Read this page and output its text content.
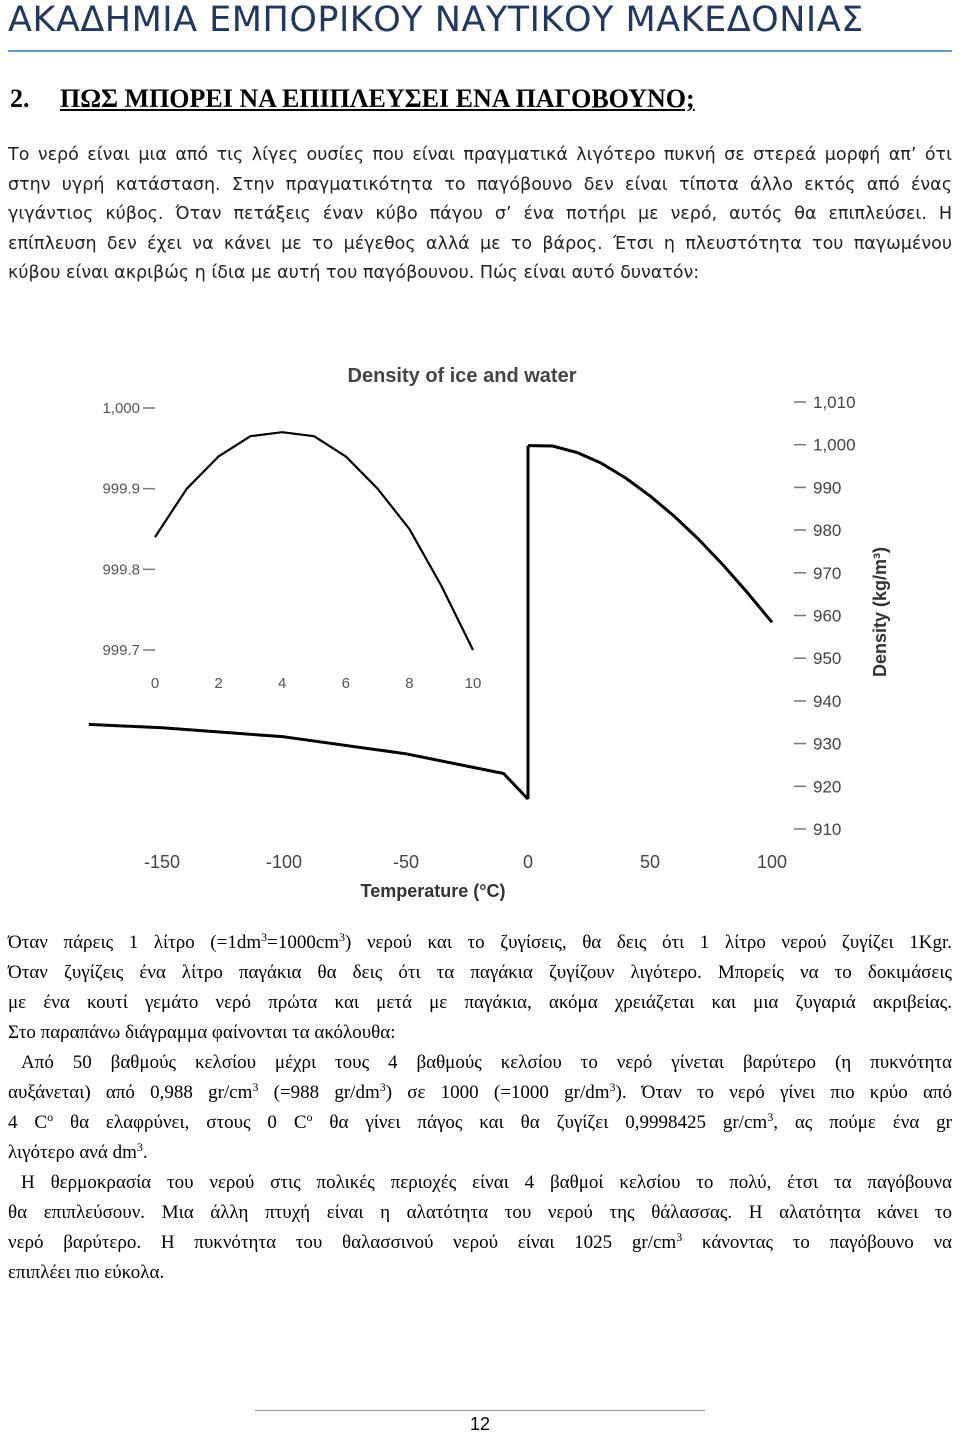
ΑΚΑΔΗΜΙΑ ΕΜΠΟΡΙΚΟΥ ΝΑΥΤΙΚΟΥ ΜΑΚΕΔΟΝΙΑΣ
2. ΠΩΣ ΜΠΟΡΕΙ ΝΑ ΕΠΙΠΛΕΥΣΕΙ ΕΝΑ ΠΑΓΟΒΟΥΝΟ;
Το νερό είναι μια από τις λίγες ουσίες που είναι πραγματικά λιγότερο πυκνή σε στερεά μορφή απ’ ότι
στην υγρή κατάσταση. Στην πραγματικότητα το παγόβουνο δεν είναι τίποτα άλλο εκτός από ένας
γιγάντιος κύβος. Όταν πετάξεις έναν κύβο πάγου σ’ ένα ποτήρι με νερό, αυτός θα επιπλεύσει. Η
επίπλευση δεν έχει να κάνει με το μέγεθος αλλά με το βάρος. Έτσι η πλευστότητα του παγωμένου
κύβου είναι ακριβώς η ίδια με αυτή του παγόβουνου. Πώς είναι αυτό δυνατόν:
Density of ice and water
1,010
1,000
990
980
970
960
950
940
930
920
910
-150	-100	-50	0	50	100
Temperature (°C)
Density (kg/m³)
1,000
999.9
999.8
999.7
0	2	4	6	8	10
Όταν πάρεις 1 λίτρο $(=1dm^3=1000cm^3)$ νερού και το ζυγίσεις, θα δεις ότι 1 λίτρο νερού ζυγίζει 1Kgr.
Όταν ζυγίζεις ένα λίτρο παγάκια θα δεις ότι τα παγάκια ζυγίζουν λιγότερο. Μπορείς να το δοκιμάσεις
με ένα κουτί γεμάτο νερό πρώτα και μετά με παγάκια, ακόμα χρειάζεται και μια ζυγαριά ακριβείας.
Στο παραπάνω διάγραμμα φαίνονται τα ακόλουθα:
Από 50 βαθμούς κελσίου μέχρι τους 4 βαθμούς κελσίου το νερό γίνεται βαρύτερο (η πυκνότητα
αυξάνεται) από 0,988 $gr/cm^3$ (=988 $gr/dm^3$) σε 1000 (=1000 $gr/dm^3$). Όταν το νερό γίνει πιο κρύο από
4 $C^o$ θα ελαφρύνει, στους 0 $C^o$ θα γίνει πάγος και θα ζυγίζει 0,9998425 $gr/cm^3$, ας πούμε ένα gr
λιγότερο ανά $dm^3$.
Η θερμοκρασία του νερού στις πολικές περιοχές είναι 4 βαθμοί κελσίου το πολύ, έτσι τα παγόβουνα
θα επιπλεύσουν. Μια άλλη πτυχή είναι η αλατότητα του νερού της θάλασσας. Η αλατότητα κάνει το
νερό βαρύτερο. Η πυκνότητα του θαλασσινού νερού είναι 1025 $gr/cm^3$ κάνοντας το παγόβουνο να
επιπλέει πιο εύκολα.
12
